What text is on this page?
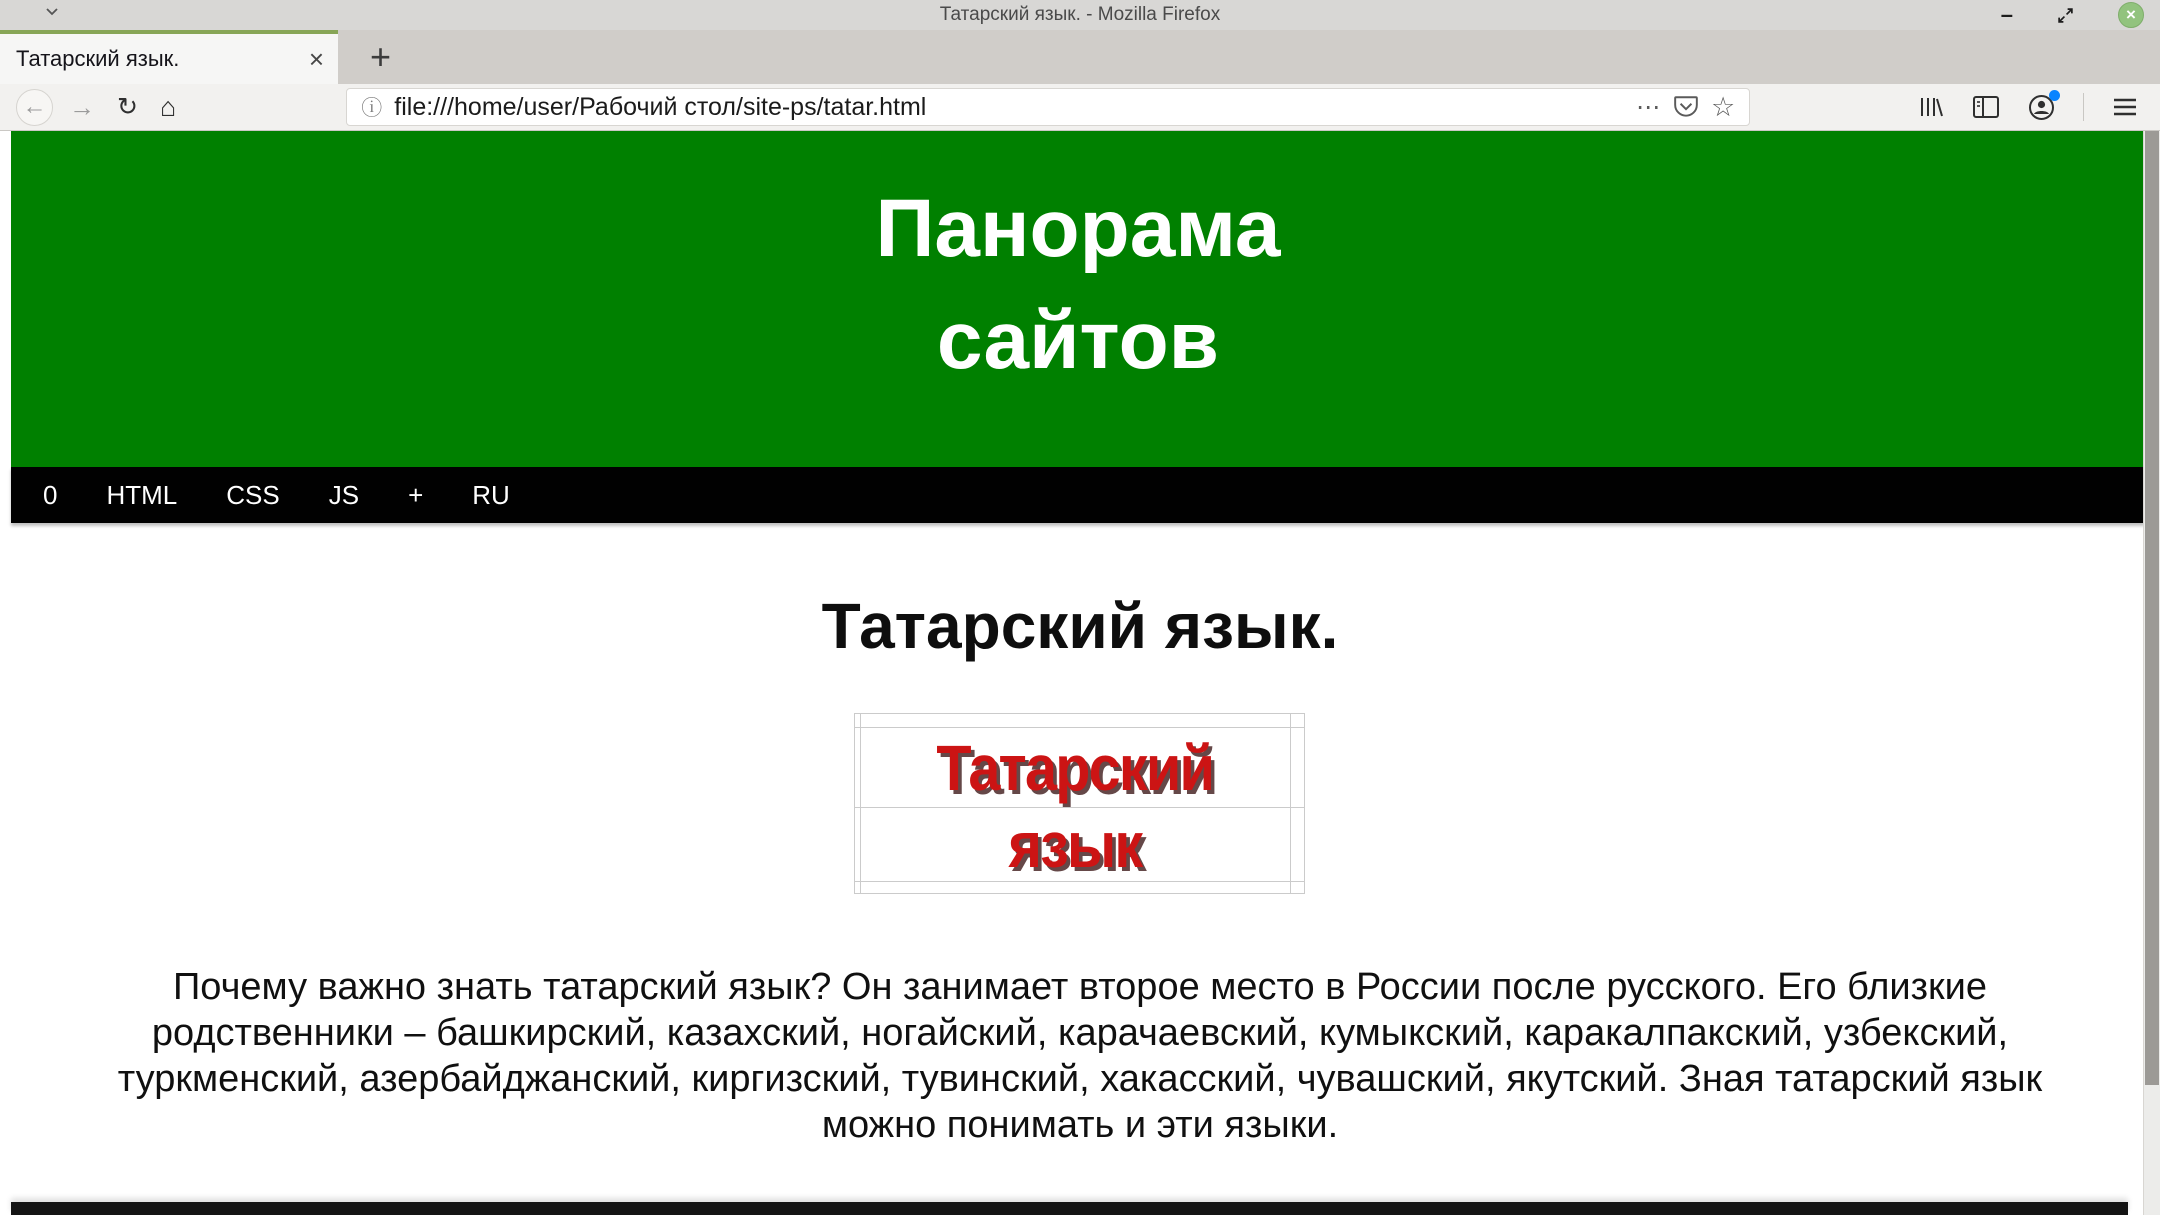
Татарский язык. - Mozilla Firefox	–	×
Татарский язык.	× +
← → ↻ ⌂	ⓘ file:///home/user/Рабочий стол/site-ps/tatar.html	⋯ ☆
Панорама
сайтов
0 HTML CSS JS + RU
Татарский язык.
Татарский
язык

Почему важно знать татарский язык? Он занимает второе место в России после русского. Его близкие родственники – башкирский, казахский, ногайский, карачаевский, кумыкский, каракалпакский, узбекский, туркменский, азербайджанский, киргизский, тувинский, хакасский, чувашский, якутский. Зная татарский язык можно понимать и эти языки.
